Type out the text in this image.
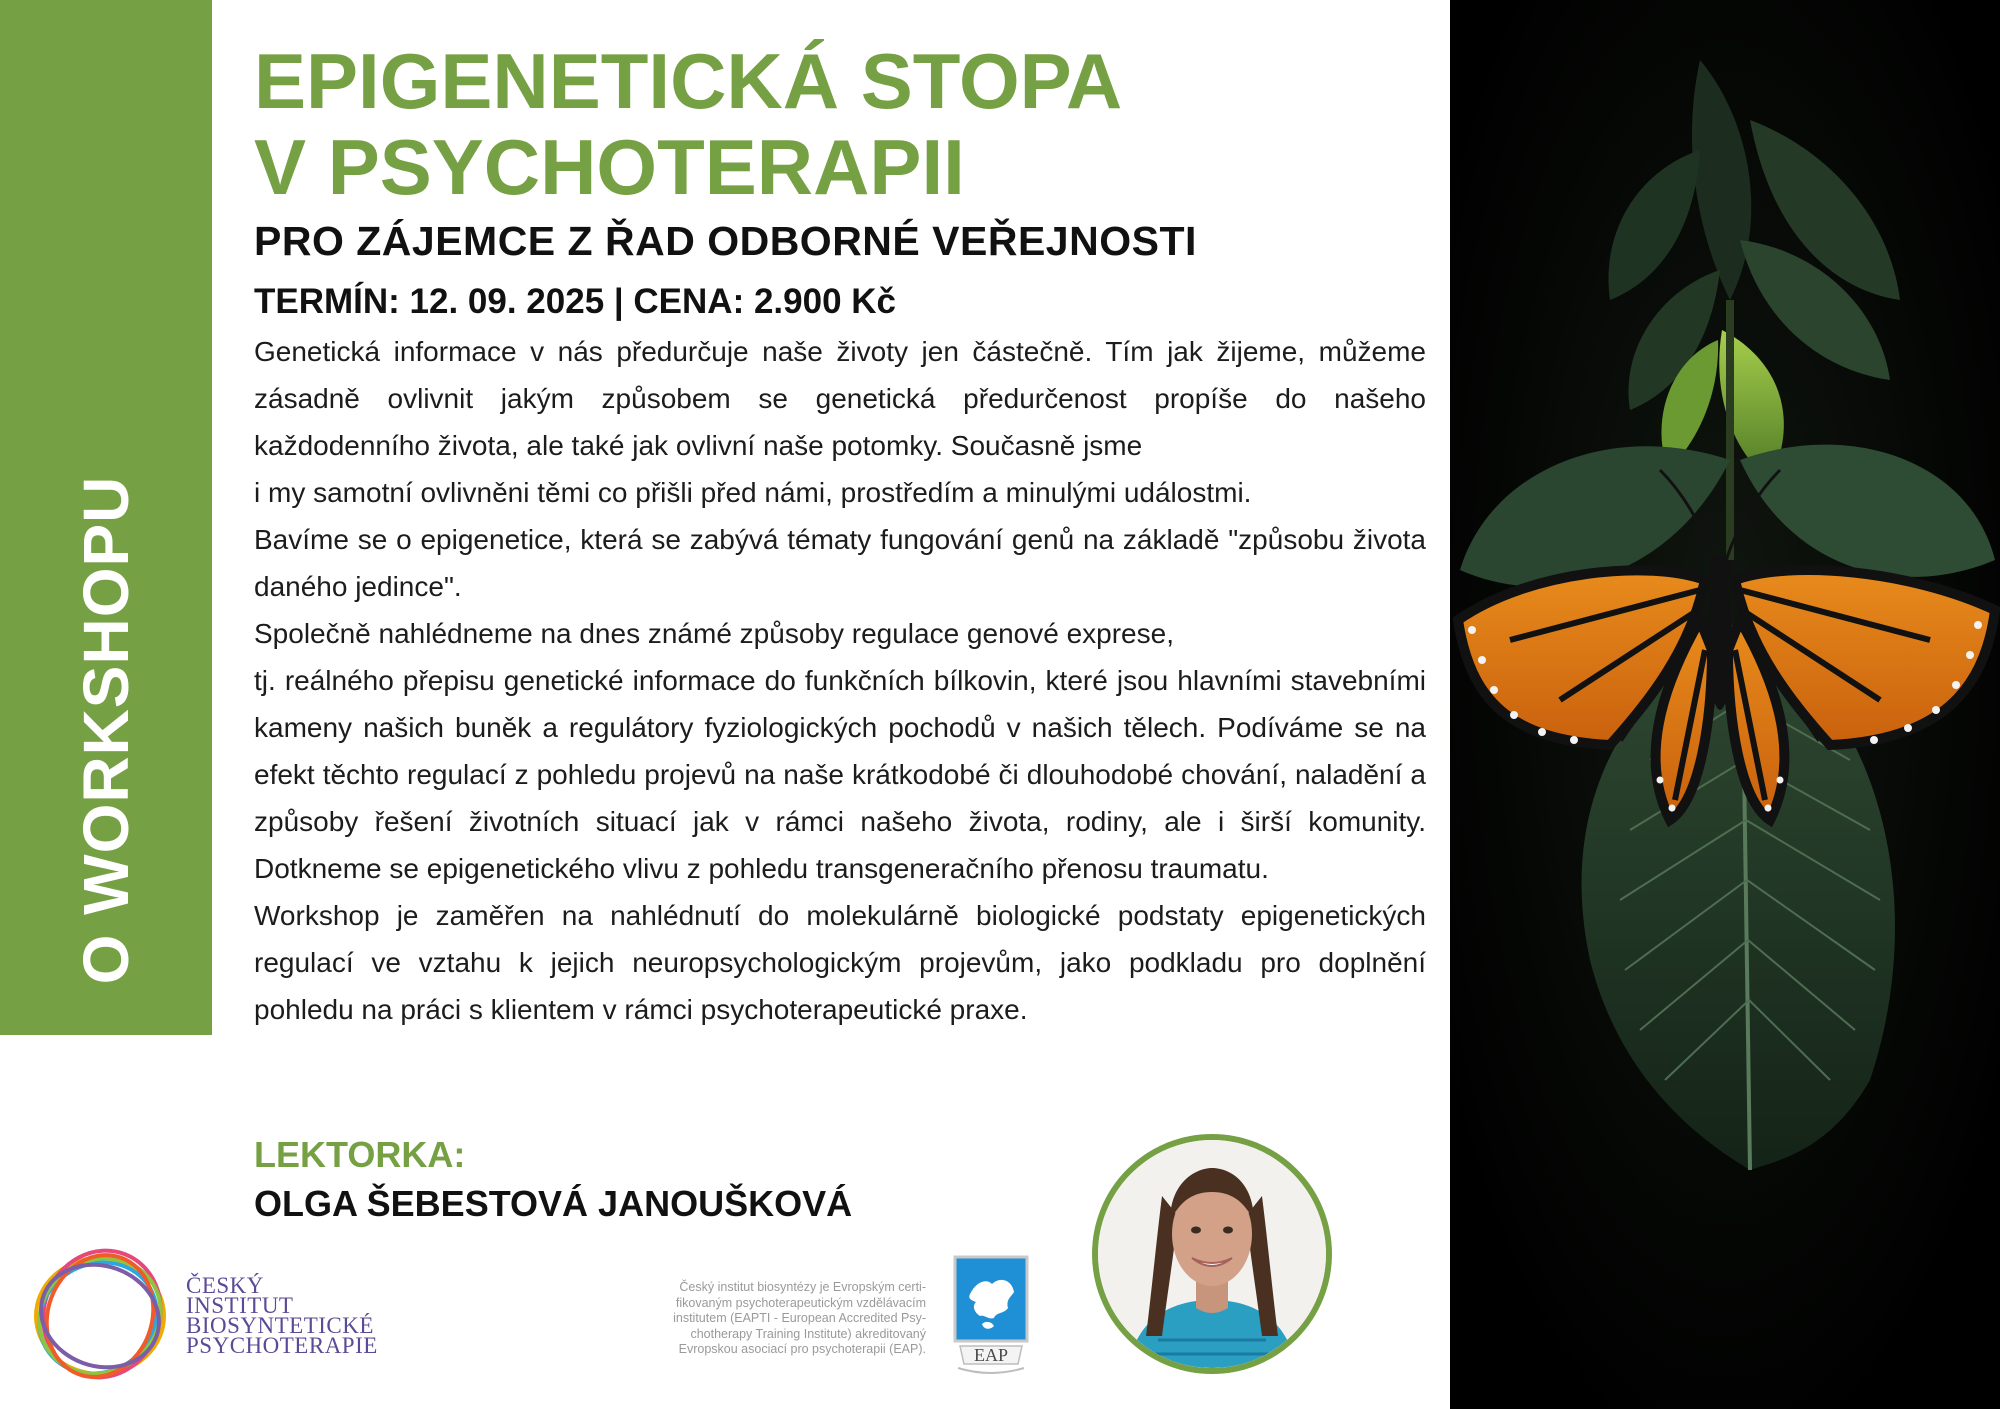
O WORKSHOPU
EPIGENETICKÁ STOPA
V PSYCHOTERAPII
PRO ZÁJEMCE Z ŘAD ODBORNÉ VEŘEJNOSTI
TERMÍN: 12. 09. 2025 | CENA: 2.900 Kč

Genetická informace v nás předurčuje naše životy jen částečně. Tím jak žijeme, můžeme zásadně ovlivnit jakým způsobem se genetická předurčenost propíše do našeho každodenního života, ale také jak ovlivní naše potomky. Současně jsme

i my samotní ovlivněni těmi co přišli před námi, prostředím a minulými událostmi.

Bavíme se o epigenetice, která se zabývá tématy fungování genů na základě "způsobu života daného jedince".

Společně nahlédneme na dnes známé způsoby regulace genové exprese,

tj. reálného přepisu genetické informace do funkčních bílkovin, které jsou hlavními stavebními kameny našich buněk a regulátory fyziologických pochodů v našich tělech. Podíváme se na efekt těchto regulací z pohledu projevů na naše krátkodobé či dlouhodobé chování, naladění a způsoby řešení životních situací jak v rámci našeho života, rodiny, ale i širší komunity. Dotkneme se epigenetického vlivu z pohledu transgeneračního přenosu traumatu.

Workshop je zaměřen na nahlédnutí do molekulárně biologické podstaty epigenetických regulací ve vztahu k jejich neuropsychologickým projevům, jako podkladu pro doplnění pohledu na práci s klientem v rámci psychoterapeutické praxe.

LEKTORKA:
OLGA ŠEBESTOVÁ JANOUŠKOVÁ
ČESKÝ
INSTITUT
BIOSYNTETICKÉ
PSYCHOTERAPIE
Český institut biosyntézy je Evropským certi-
fikovaným psychoterapeutickým vzdělávacím
institutem (EAPTI - European Accredited Psy-
chotherapy Training Institute) akreditovaný
Evropskou asociací pro psychoterapii (EAP).	EAP
